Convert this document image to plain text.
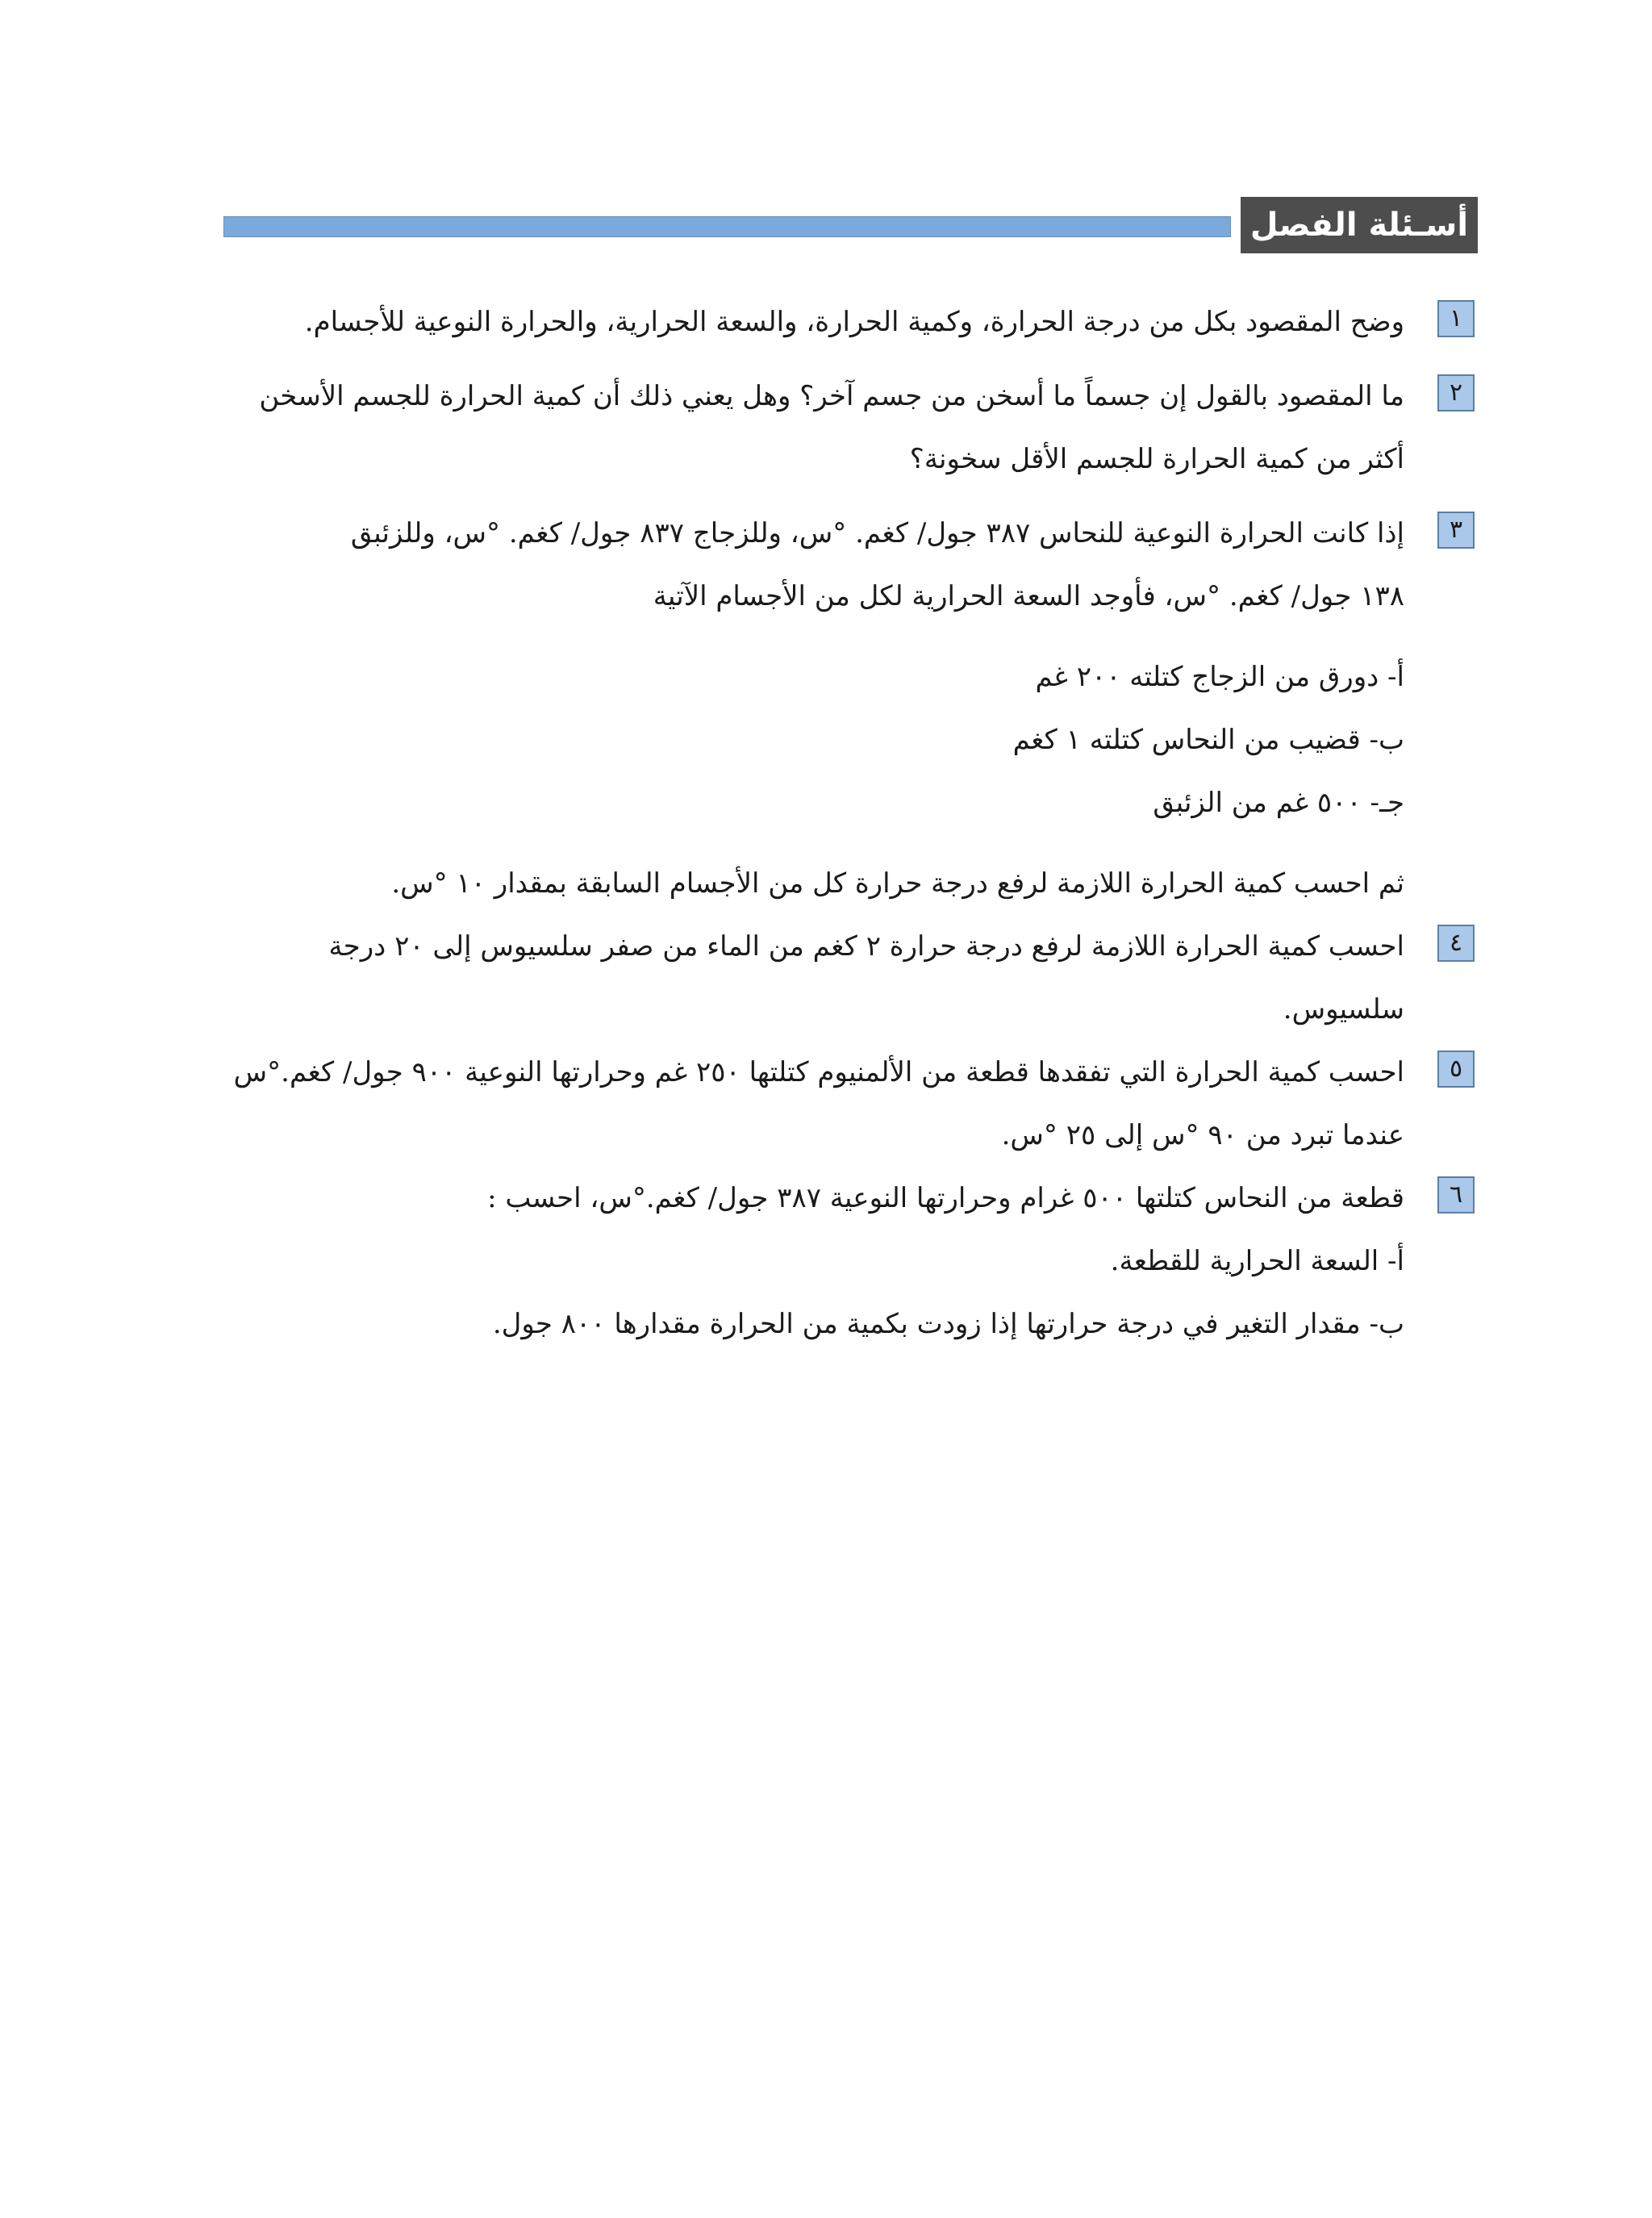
أسـئلة الفصل
١
وضح المقصود بكل من درجة الحرارة، وكمية الحرارة، والسعة الحرارية، والحرارة النوعية للأجسام.
٢
ما المقصود بالقول إن جسماً ما أسخن من جسم آخر؟ وهل يعني ذلك أن كمية الحرارة للجسم الأسخن
أكثر من كمية الحرارة للجسم الأقل سخونة؟
٣
إذا كانت الحرارة النوعية للنحاس ٣٨٧ جول/ كغم. °س، وللزجاج ٨٣٧ جول/ كغم. °س، وللزئبق
١٣٨ جول/ كغم. °س، فأوجد السعة الحرارية لكل من الأجسام الآتية
أ- دورق من الزجاج كتلته ٢٠٠ غم
ب- قضيب من النحاس كتلته ١ كغم
جـ- ٥٠٠ غم من الزئبق
ثم احسب كمية الحرارة اللازمة لرفع درجة حرارة كل من الأجسام السابقة بمقدار ١٠ °س.
٤
احسب كمية الحرارة اللازمة لرفع درجة حرارة ٢ كغم من الماء من صفر سلسيوس إلى ٢٠ درجة
سلسيوس.
٥
احسب كمية الحرارة التي تفقدها قطعة من الألمنيوم كتلتها ٢٥٠ غم وحرارتها النوعية ٩٠٠ جول/ كغم.°س
عندما تبرد من ٩٠ °س إلى ٢٥ °س.
٦
قطعة من النحاس كتلتها ٥٠٠ غرام وحرارتها النوعية ٣٨٧ جول/ كغم.°س، احسب :
أ- السعة الحرارية للقطعة.
ب- مقدار التغير في درجة حرارتها إذا زودت بكمية من الحرارة مقدارها ٨٠٠ جول.
